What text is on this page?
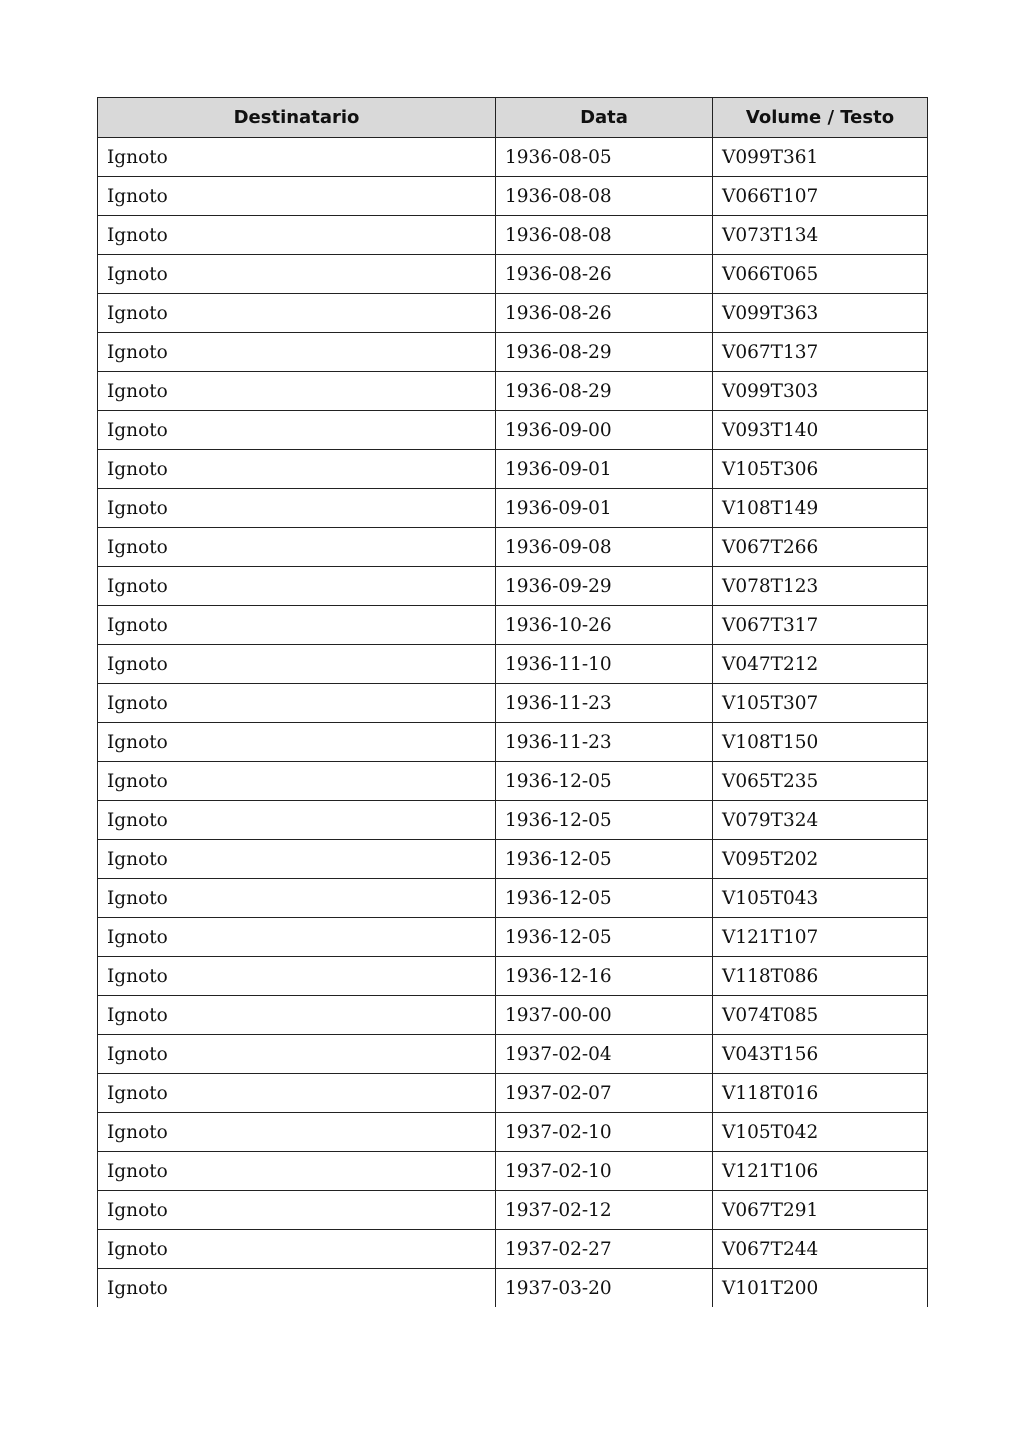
Destinatario	Data	Volume / Testo
Ignoto	1936-08-05	V099T361
Ignoto	1936-08-08	V066T107
Ignoto	1936-08-08	V073T134
Ignoto	1936-08-26	V066T065
Ignoto	1936-08-26	V099T363
Ignoto	1936-08-29	V067T137
Ignoto	1936-08-29	V099T303
Ignoto	1936-09-00	V093T140
Ignoto	1936-09-01	V105T306
Ignoto	1936-09-01	V108T149
Ignoto	1936-09-08	V067T266
Ignoto	1936-09-29	V078T123
Ignoto	1936-10-26	V067T317
Ignoto	1936-11-10	V047T212
Ignoto	1936-11-23	V105T307
Ignoto	1936-11-23	V108T150
Ignoto	1936-12-05	V065T235
Ignoto	1936-12-05	V079T324
Ignoto	1936-12-05	V095T202
Ignoto	1936-12-05	V105T043
Ignoto	1936-12-05	V121T107
Ignoto	1936-12-16	V118T086
Ignoto	1937-00-00	V074T085
Ignoto	1937-02-04	V043T156
Ignoto	1937-02-07	V118T016
Ignoto	1937-02-10	V105T042
Ignoto	1937-02-10	V121T106
Ignoto	1937-02-12	V067T291
Ignoto	1937-02-27	V067T244
Ignoto	1937-03-20	V101T200
